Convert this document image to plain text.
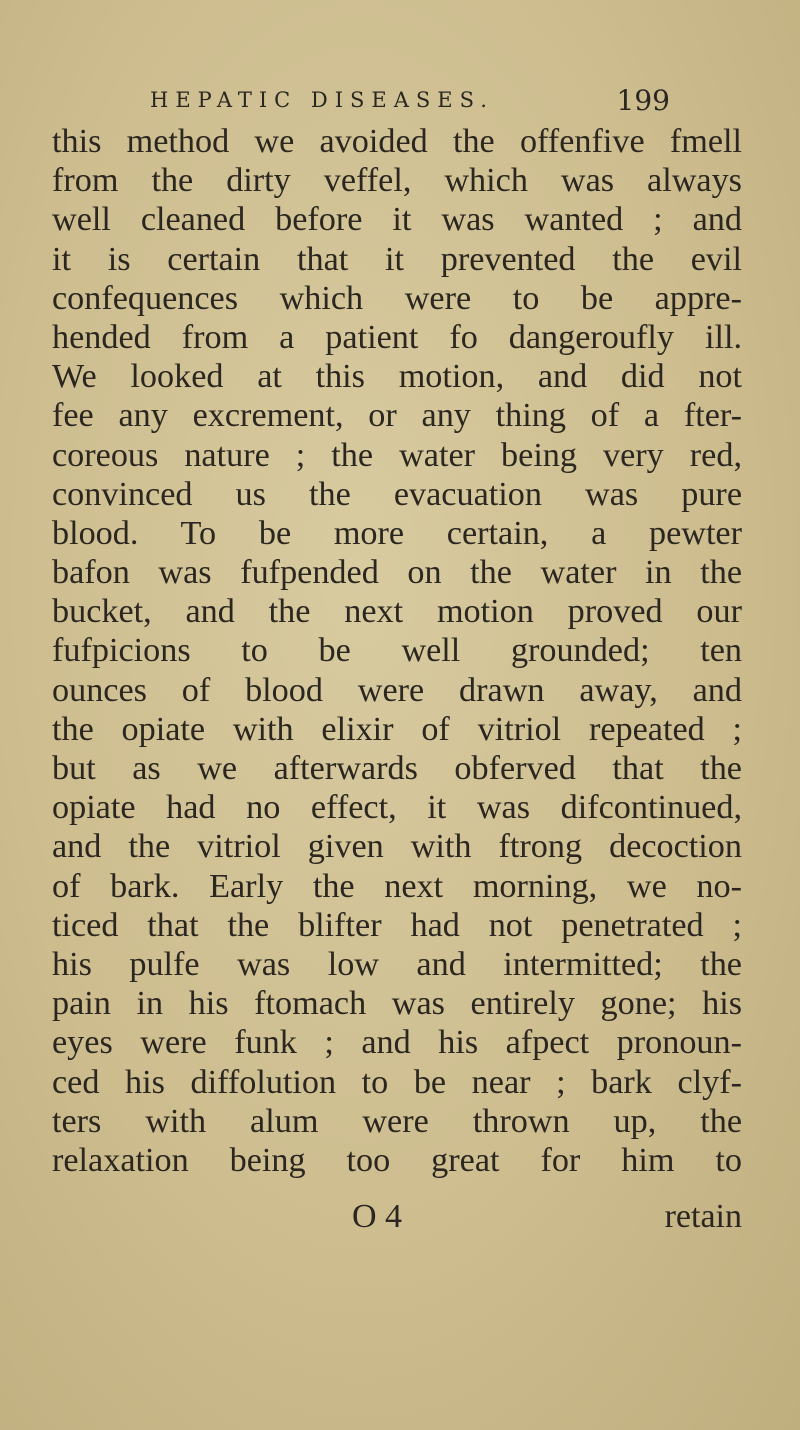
HEPATIC DISEASES.	199
this method we avoided the offenfive fmell
from the dirty veffel, which was always
well cleaned before it was wanted ; and
it is certain that it prevented the evil
confequences which were to be appre-
hended from a patient fo dangeroufly ill.
We looked at this motion, and did not
fee any excrement, or any thing of a fter-
coreous nature ; the water being very red,
convinced us the evacuation was pure
blood. To be more certain, a pewter
bafon was fufpended on the water in the
bucket, and the next motion proved our
fufpicions to be well grounded; ten
ounces of blood were drawn away, and
the opiate with elixir of vitriol repeated ;
but as we afterwards obferved that the
opiate had no effect, it was difcontinued,
and the vitriol given with ftrong decoction
of bark. Early the next morning, we no-
ticed that the blifter had not penetrated ;
his pulfe was low and intermitted; the
pain in his ftomach was entirely gone; his
eyes were funk ; and his afpect pronoun-
ced his diffolution to be near ; bark clyf-
ters with alum were thrown up, the
relaxation being too great for him to
O 4	retain
